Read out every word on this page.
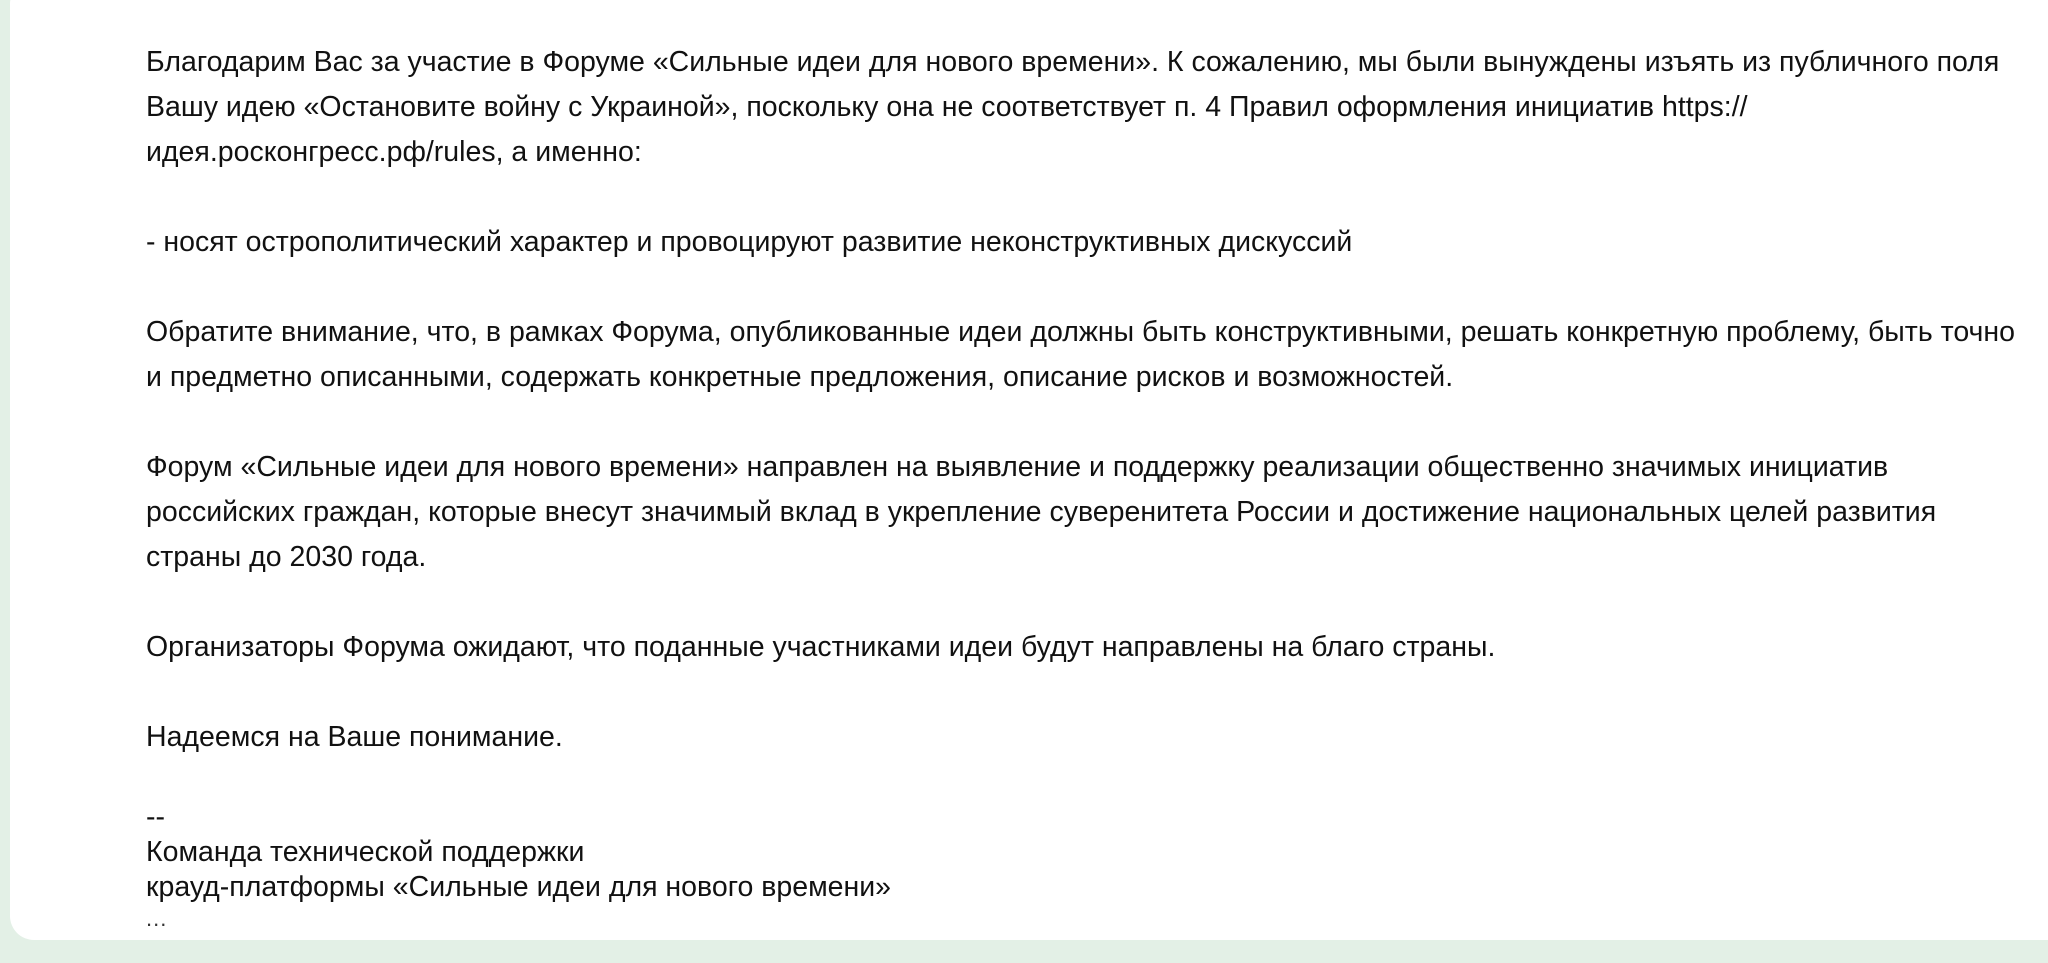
Благодарим Вас за участие в Форуме «Сильные идеи для нового времени». К сожалению, мы были вынуждены изъять из публичного поля Вашу идею «Остановите войну с Украиной», поскольку она не соответствует п. 4 Правил оформления инициатив https://идея.росконгресс.рф/rules, а именно:

- носят острополитический характер и провоцируют развитие неконструктивных дискуссий

Обратите внимание, что, в рамках Форума, опубликованные идеи должны быть конструктивными, решать конкретную проблему, быть точно и предметно описанными, содержать конкретные предложения, описание рисков и возможностей.

Форум «Сильные идеи для нового времени» направлен на выявление и поддержку реализации общественно значимых инициатив российских граждан, которые внесут значимый вклад в укрепление суверенитета России и достижение национальных целей развития страны до 2030 года.

Организаторы Форума ожидают, что поданные участниками идеи будут направлены на благо страны.

Надеемся на Ваше понимание.

--
Команда технической поддержки
крауд-платформы «Сильные идеи для нового времени»
...
